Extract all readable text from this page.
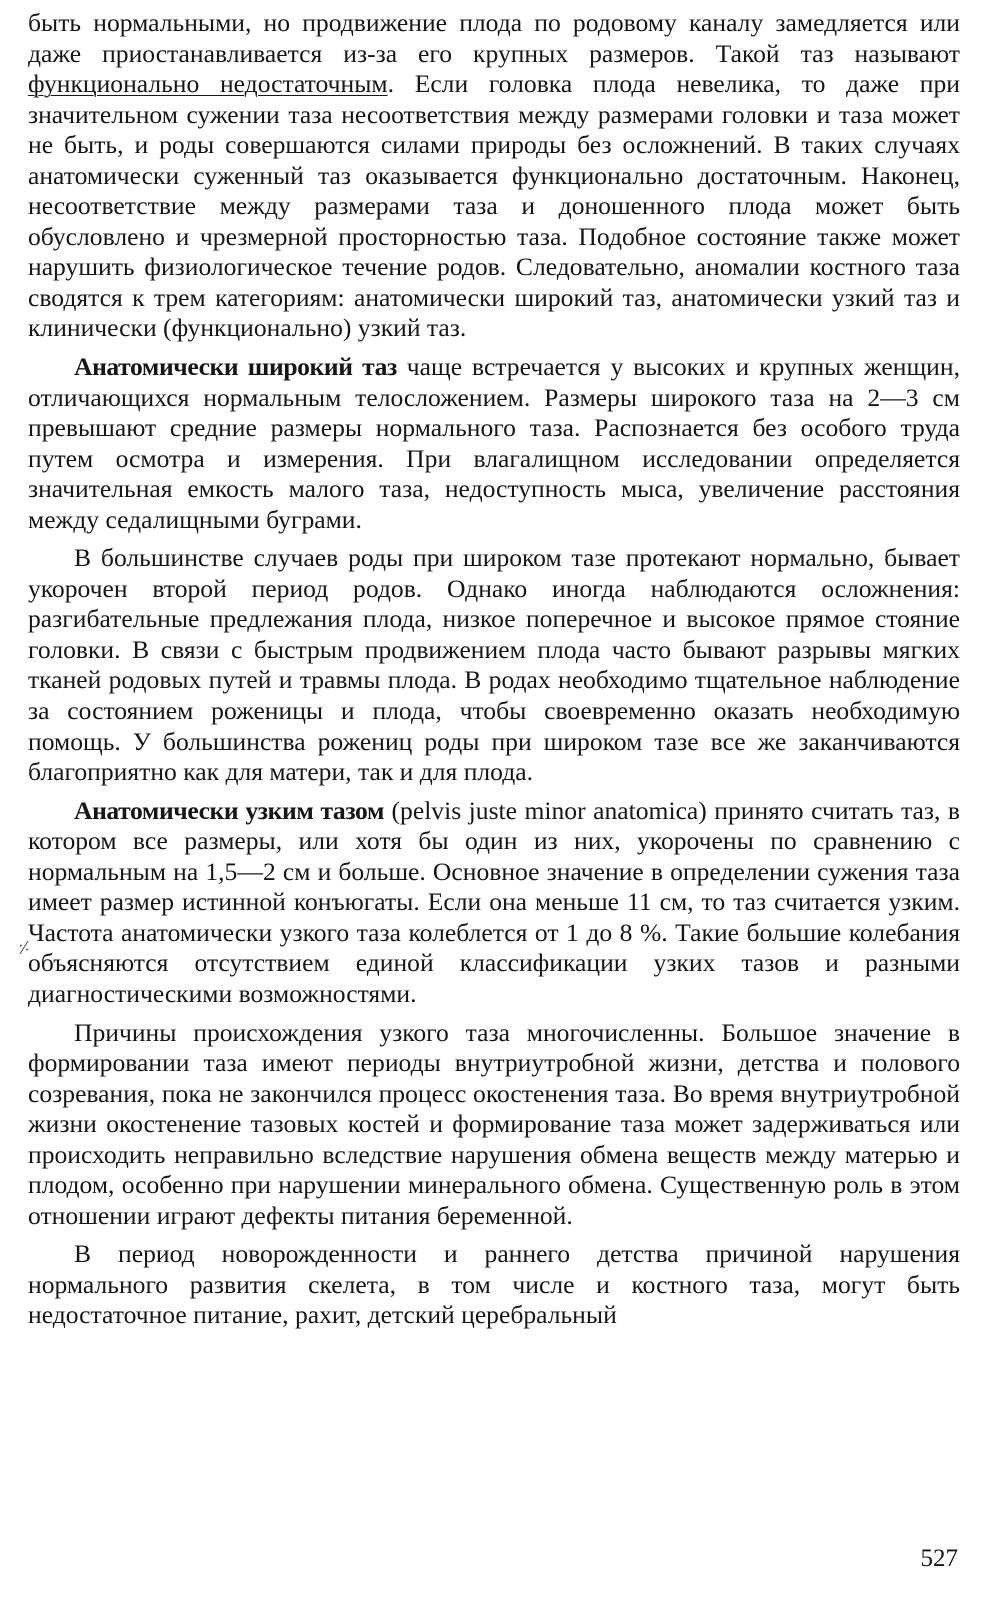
быть нормальными, но продвижение плода по родовому каналу замедляется или даже приостанавливается из-за его крупных размеров. Такой таз называют функционально недостаточным. Если головка плода невелика, то даже при значительном сужении таза несоответствия между размерами головки и таза может не быть, и роды совершаются силами природы без осложнений. В таких случаях анатомически суженный таз оказывается функционально достаточным. Наконец, несоответствие между размерами таза и доношенного плода может быть обусловлено и чрезмерной просторностью таза. Подобное состояние также может нарушить физиологическое течение родов. Следовательно, аномалии костного таза сводятся к трем категориям: анатомически широкий таз, анатомически узкий таз и клинически (функционально) узкий таз.

Анатомически широкий таз чаще встречается у высоких и крупных женщин, отличающихся нормальным телосложением. Размеры широкого таза на 2—3 см превышают средние размеры нормального таза. Распознается без особого труда путем осмотра и измерения. При влагалищном исследовании определяется значительная емкость малого таза, недоступность мыса, увеличение расстояния между седалищными буграми.

В большинстве случаев роды при широком тазе протекают нормально, бывает укорочен второй период родов. Однако иногда наблюдаются осложнения: разгибательные предлежания плода, низкое поперечное и высокое прямое стояние головки. В связи с быстрым продвижением плода часто бывают разрывы мягких тканей родовых путей и травмы плода. В родах необходимо тщательное наблюдение за состоянием роженицы и плода, чтобы своевременно оказать необходимую помощь. У большинства рожениц роды при широком тазе все же заканчиваются благоприятно как для матери, так и для плода.

Анатомически узким тазом (pelvis juste minor anatomica) принято считать таз, в котором все размеры, или хотя бы один из них, укорочены по сравнению с нормальным на 1,5—2 см и больше. Основное значение в определении сужения таза имеет размер истинной конъюгаты. Если она меньше 11 см, то таз считается узким. Частота анатомически узкого таза колеблется от 1 до 8 %. Такие большие колебания объясняются отсутствием единой классификации узких тазов и разными диагностическими возможностями.

Причины происхождения узкого таза многочисленны. Большое значение в формировании таза имеют периоды внутриутробной жизни, детства и полового созревания, пока не закончился процесс окостенения таза. Во время внутриутробной жизни окостенение тазовых костей и формирование таза может задерживаться или происходить неправильно вследствие нарушения обмена веществ между матерью и плодом, особенно при нарушении минерального обмена. Существенную роль в этом отношении играют дефекты питания беременной.

В период новорожденности и раннего детства причиной нарушения нормального развития скелета, в том числе и костного таза, могут быть недостаточное питание, рахит, детский церебральный

⸓
527
